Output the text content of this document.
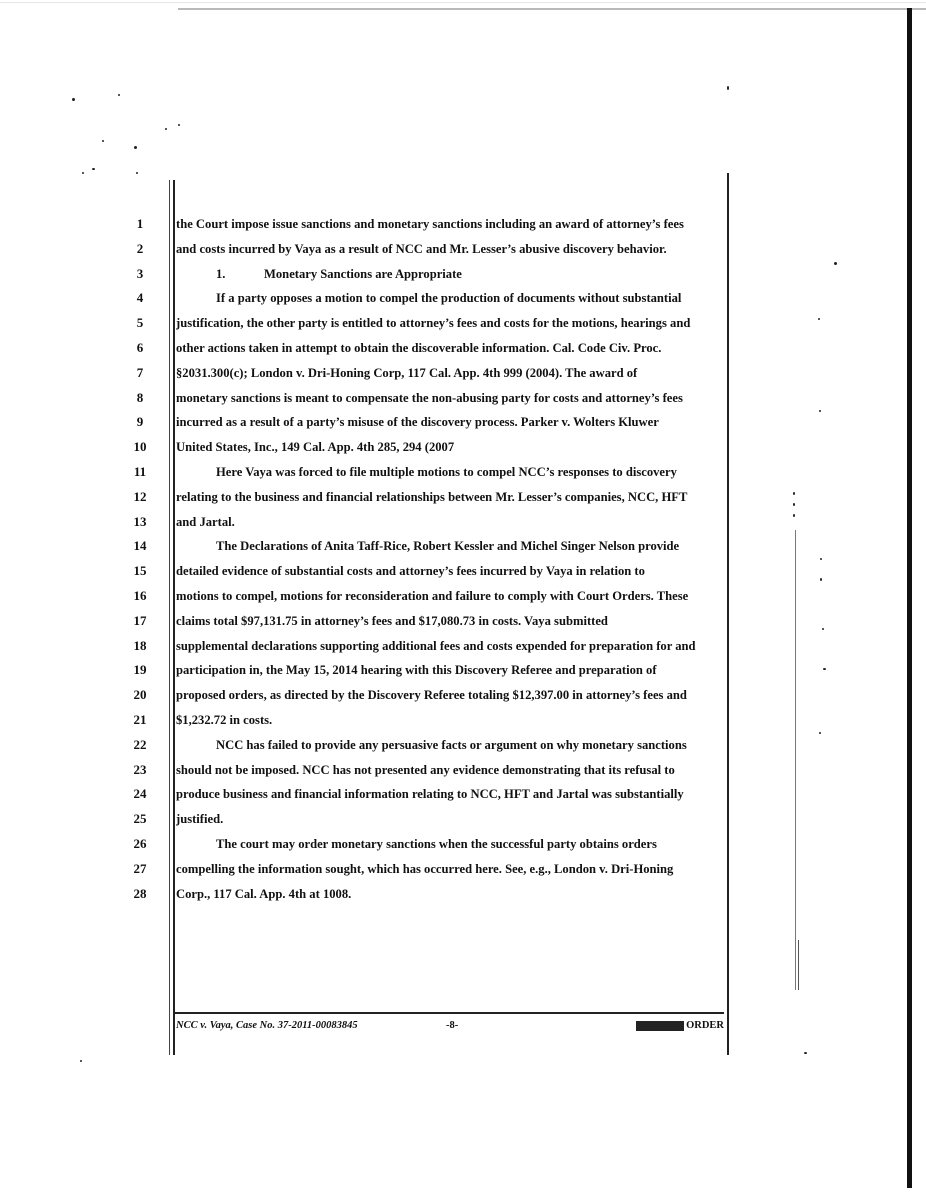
1
2
3
4
5
6
7
8
9
10
11
12
13
14
15
16
17
18
19
20
21
22
23
24
25
26
27
28
the Court impose issue sanctions and monetary sanctions including an award of attorney’s fees
and costs incurred by Vaya as a result of NCC and Mr. Lesser’s abusive discovery behavior.
1.	Monetary Sanctions are Appropriate
If a party opposes a motion to compel the production of documents without substantial
justification, the other party is entitled to attorney’s fees and costs for the motions, hearings and
other actions taken in attempt to obtain the discoverable information. Cal. Code Civ. Proc.
§2031.300(c); London v. Dri-Honing Corp, 117 Cal. App. 4th 999 (2004). The award of
monetary sanctions is meant to compensate the non-abusing party for costs and attorney’s fees
incurred as a result of a party’s misuse of the discovery process. Parker v. Wolters Kluwer
United States, Inc., 149 Cal. App. 4th 285, 294 (2007
Here Vaya was forced to file multiple motions to compel NCC’s responses to discovery
relating to the business and financial relationships between Mr. Lesser’s companies, NCC, HFT
and Jartal.
The Declarations of Anita Taff-Rice, Robert Kessler and Michel Singer Nelson provide
detailed evidence of substantial costs and attorney’s fees incurred by Vaya in relation to
motions to compel, motions for reconsideration and failure to comply with Court Orders. These
claims total $97,131.75 in attorney’s fees and $17,080.73 in costs. Vaya submitted
supplemental declarations supporting additional fees and costs expended for preparation for and
participation in, the May 15, 2014 hearing with this Discovery Referee and preparation of
proposed orders, as directed by the Discovery Referee totaling $12,397.00 in attorney’s fees and
$1,232.72 in costs.
NCC has failed to provide any persuasive facts or argument on why monetary sanctions
should not be imposed. NCC has not presented any evidence demonstrating that its refusal to
produce business and financial information relating to NCC, HFT and Jartal was substantially
justified.
The court may order monetary sanctions when the successful party obtains orders
compelling the information sought, which has occurred here. See, e.g., London v. Dri-Honing
Corp., 117 Cal. App. 4th at 1008.
NCC v. Vaya, Case No. 37-2011-00083845	-8-	ORDER
